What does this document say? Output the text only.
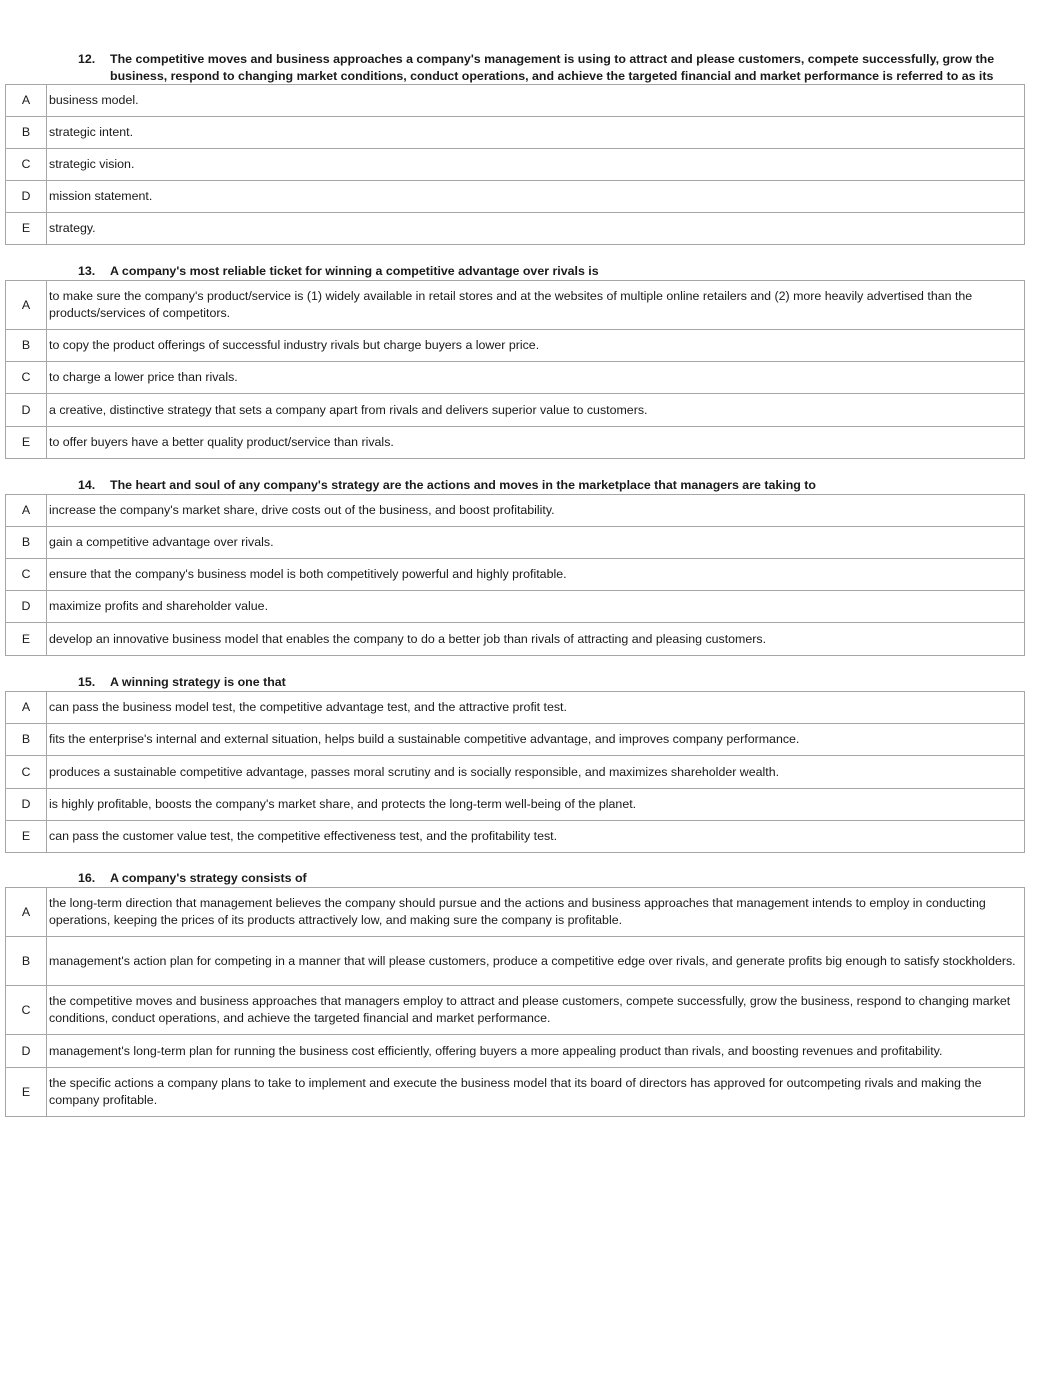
12. The competitive moves and business approaches a company's management is using to attract and please customers, compete successfully, grow the
business, respond to changing market conditions, conduct operations, and achieve the targeted financial and market performance is referred to as its
A	business model.
B	strategic intent.
C	strategic vision.
D	mission statement.
E	strategy.
13. A company's most reliable ticket for winning a competitive advantage over rivals is
A	to make sure the company's product/service is (1) widely available in retail stores and at the websites of multiple online retailers and (2) more heavily advertised than the products/services of competitors.
B	to copy the product offerings of successful industry rivals but charge buyers a lower price.
C	to charge a lower price than rivals.
D	a creative, distinctive strategy that sets a company apart from rivals and delivers superior value to customers.
E	to offer buyers have a better quality product/service than rivals.
14. The heart and soul of any company's strategy are the actions and moves in the marketplace that managers are taking to
A	increase the company's market share, drive costs out of the business, and boost profitability.
B	gain a competitive advantage over rivals.
C	ensure that the company's business model is both competitively powerful and highly profitable.
D	maximize profits and shareholder value.
E	develop an innovative business model that enables the company to do a better job than rivals of attracting and pleasing customers.
15. A winning strategy is one that
A	can pass the business model test, the competitive advantage test, and the attractive profit test.
B	fits the enterprise's internal and external situation, helps build a sustainable competitive advantage, and improves company performance.
C	produces a sustainable competitive advantage, passes moral scrutiny and is socially responsible, and maximizes shareholder wealth.
D	is highly profitable, boosts the company's market share, and protects the long-term well-being of the planet.
E	can pass the customer value test, the competitive effectiveness test, and the profitability test.
16. A company's strategy consists of
A	the long-term direction that management believes the company should pursue and the actions and business approaches that management intends to employ in conducting operations, keeping the prices of its products attractively low, and making sure the company is profitable.
B	management's action plan for competing in a manner that will please customers, produce a competitive edge over rivals, and generate profits big enough to satisfy stockholders.
C	the competitive moves and business approaches that managers employ to attract and please customers, compete successfully, grow the business, respond to changing market conditions, conduct operations, and achieve the targeted financial and market performance.
D	management's long-term plan for running the business cost efficiently, offering buyers a more appealing product than rivals, and boosting revenues and profitability.
E	the specific actions a company plans to take to implement and execute the business model that its board of directors has approved for outcompeting rivals and making the company profitable.
